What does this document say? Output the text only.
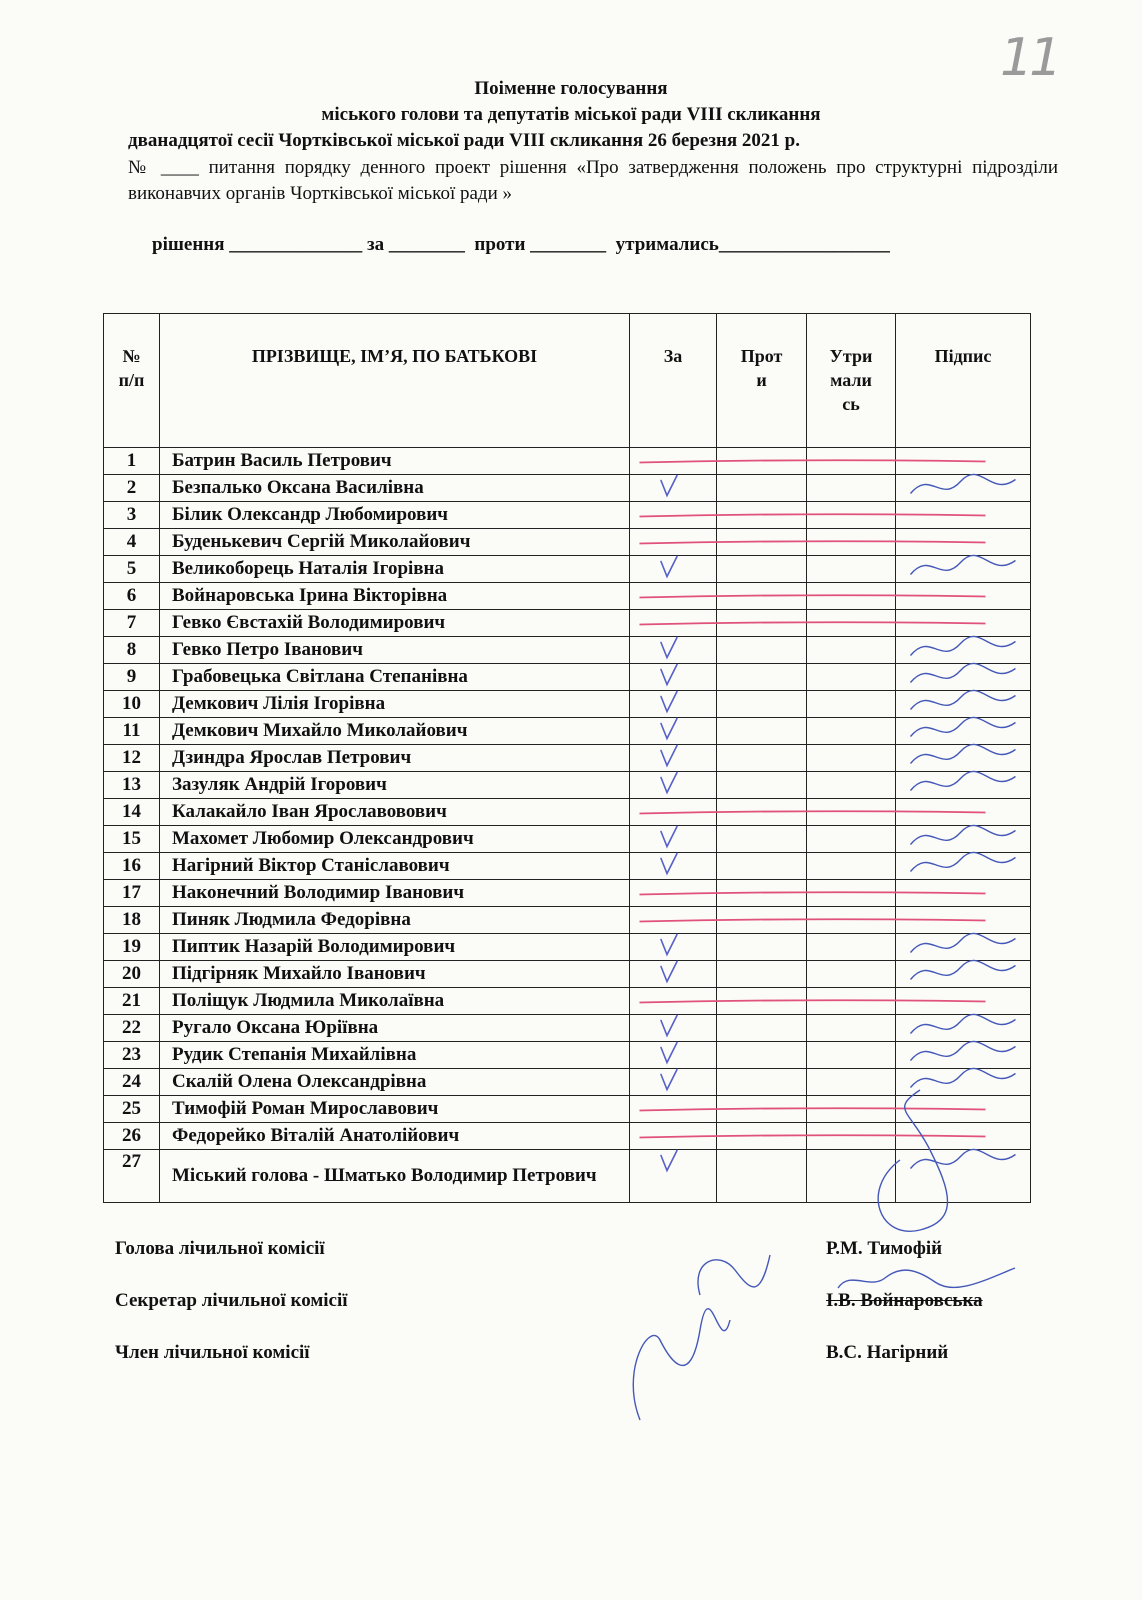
11
Поіменне голосування
міського голови та депутатів міської ради VIII скликання
дванадцятої сесії Чортківської міської ради VIII скликання 26 березня 2021 р.
№ ____ питання порядку денного проект рішення «Про затвердження положень про структурні підрозділи виконавчих органів Чортківської міської ради »
рішення ______________ за ________  проти ________  утримались__________________
№ п/п	ПРІЗВИЩЕ, ІМ’Я, ПО БАТЬКОВІ	За	Проти	Утримались	Підпис
1	Батрин Василь Петрович				
2	Безпалько Оксана Василівна				
3	Білик Олександр Любомирович				
4	Буденькевич Сергій Миколайович				
5	Великоборець Наталія Ігорівна				
6	Войнаровська Ірина Вікторівна				
7	Гевко Євстахій Володимирович				
8	Гевко Петро Іванович				
9	Грабовецька Світлана Степанівна				
10	Демкович Лілія Ігорівна				
11	Демкович Михайло Миколайович				
12	Дзиндра Ярослав Петрович				
13	Зазуляк Андрій Ігорович				
14	Калакайло Іван Ярославовович				
15	Махомет Любомир Олександрович				
16	Нагірний Віктор Станіславович				
17	Наконечний Володимир Іванович				
18	Пиняк Людмила Федорівна				
19	Пиптик Назарій Володимирович				
20	Підгірняк Михайло Іванович				
21	Поліщук Людмила Миколаївна				
22	Ругало Оксана Юріївна				
23	Рудик Степанія Михайлівна				
24	Скалій Олена Олександрівна				
25	Тимофій Роман Мирославович				
26	Федорейко Віталій Анатолійович				
27	Міський голова - Шматько Володимир Петрович				
Голова лічильної комісії	Р.М. Тимофій
Секретар лічильної комісії	І.В. Войнаровська
Член лічильної комісії	В.С. Нагірний
